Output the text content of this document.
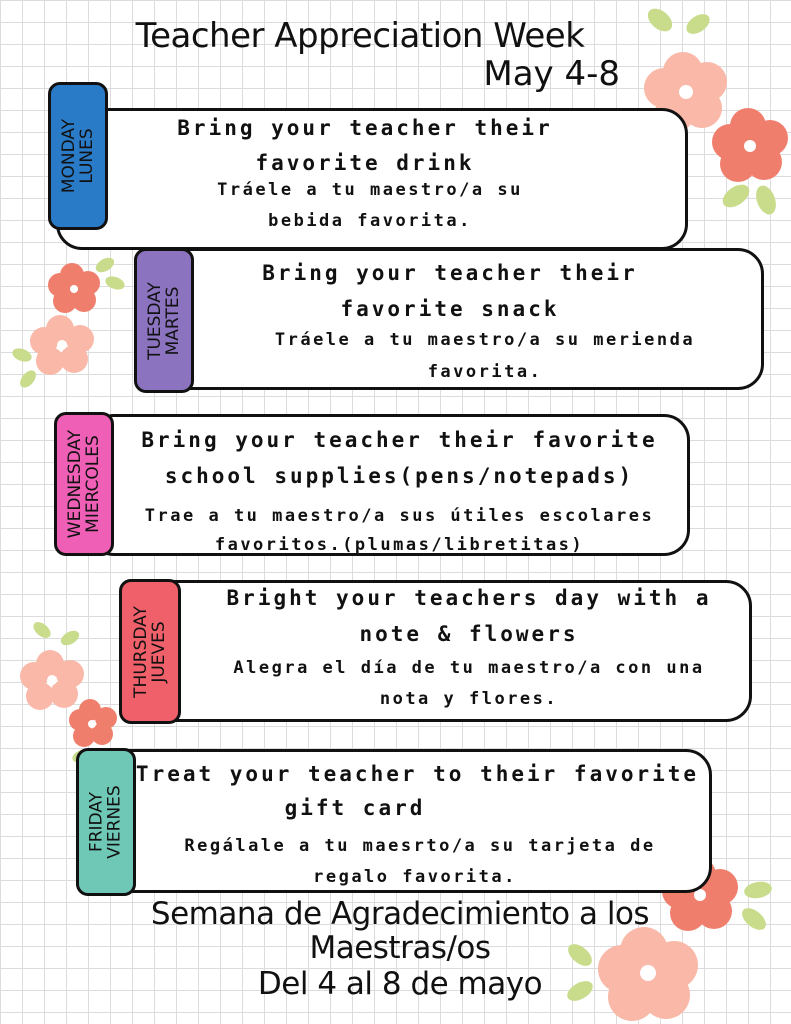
Teacher Appreciation Week
May 4-8
MONDAY
LUNES
Bring your teacher their
favorite drink
Tráele a tu maestro/a su
bebida favorita.
TUESDAY
MARTES
Bring your teacher their
favorite snack
Tráele a tu maestro/a su merienda
favorita.
WEDNESDAY
MIERCOLES	Bring your teacher their favorite
school supplies(pens/notepads)
Trae a tu maestro/a sus útiles escolares
favoritos.(plumas/libretitas)
THURSDAY
JUEVES
Bright your teachers day with a
note & flowers
Alegra el día de tu maestro/a con una
nota y flores.
FRIDAY
VIERNES
Treat your teacher to their favorite
gift card
Regálale a tu maesrto/a su tarjeta de
regalo favorita.
Semana de Agradecimiento a los
Maestras/os
Del 4 al 8 de mayo
